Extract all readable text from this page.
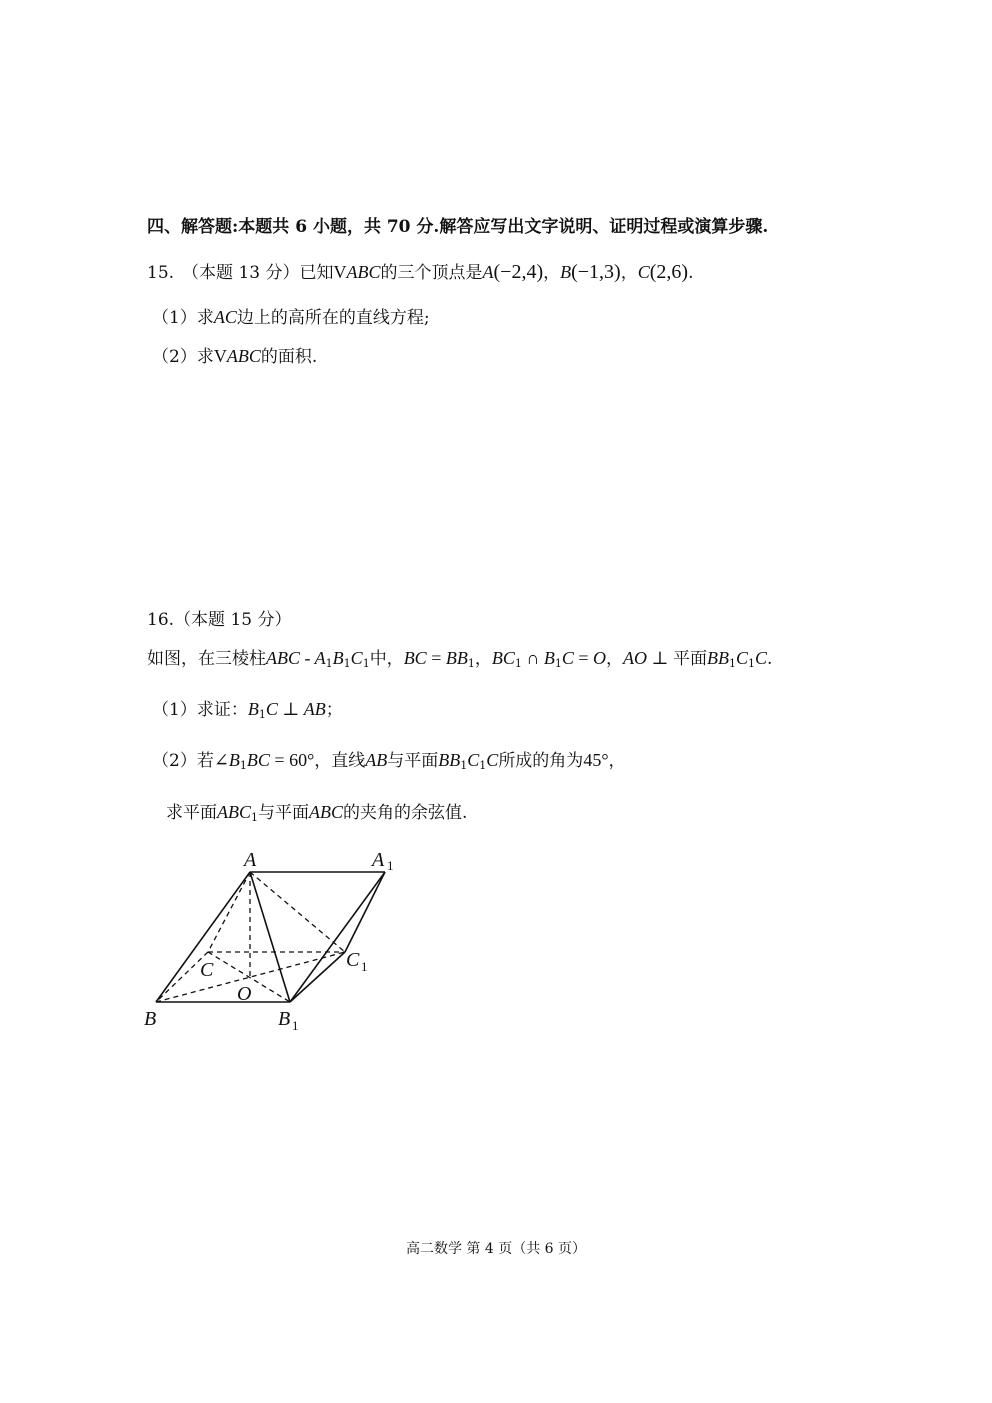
四、解答题:本题共 6 小题，共 70 分.解答应写出文字说明、证明过程或演算步骤.
15. （本题 13 分）已知VABC的三个顶点是A(−2,4)，B(−1,3)，C(2,6).
（1）求AC边上的高所在的直线方程;
（2）求VABC的面积.
16.（本题 15 分）
如图，在三棱柱ABC - $A_1B_1C_1$中，BC = $BB_1$，$BC_1$ ∩ $B_1C = O$，AO ⊥ 平面$BB_1C_1C$.
（1）求证：$B_1C$ ⊥ AB；
（2）若$\angle B_1BC = 60^\circ$，直线AB与平面$BB_1C_1C$所成的角为45°，
求平面$ABC_1$与平面ABC的夹角的余弦值.
A	A 1
B	B 1
C	C 1
O
高二数学 第 4 页（共 6 页）
